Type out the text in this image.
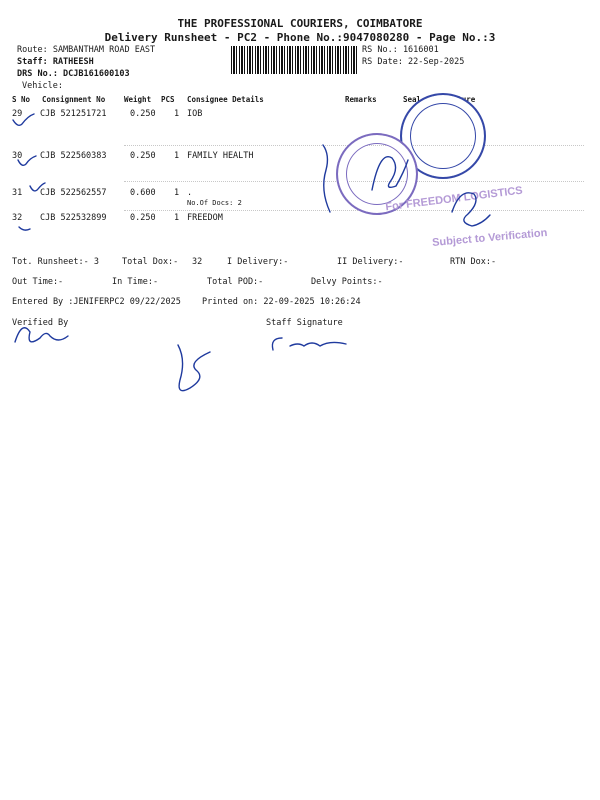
THE PROFESSIONAL COURIERS, COIMBATORE
Delivery Runsheet - PC2 - Phone No.:9047080280 - Page No.:3
Route: SAMBANTHAM ROAD EAST
Staff: RATHEESH
DRS No.: DCJB161600103
Vehicle:
RS No.: 1616001
RS Date: 22-Sep-2025
S No Consignment No	Weight PCS Consignee Details	Remarks	Seal & Signature
29 CJB 521251721	0.250 1 IOB
30 CJB 522560383	0.250 1 FAMILY HEALTH
31 CJB 522562557	0.600 1 .
No.Of Docs: 2
32 CJB 522532899	0.250 1 FREEDOM
Tot. Runsheet:- 3	Total Dox:- 32	I Delivery:-	II Delivery:-	RTN Dox:-
Out Time:-	In Time:-	Total POD:-	Delvy Points:-
Entered By :JENIFERPC2 09/22/2025 Printed on: 22-09-2025 10:26:24
Verified By	Staff Signature
For FREEDOM LOGISTICS
Subject to Verification
